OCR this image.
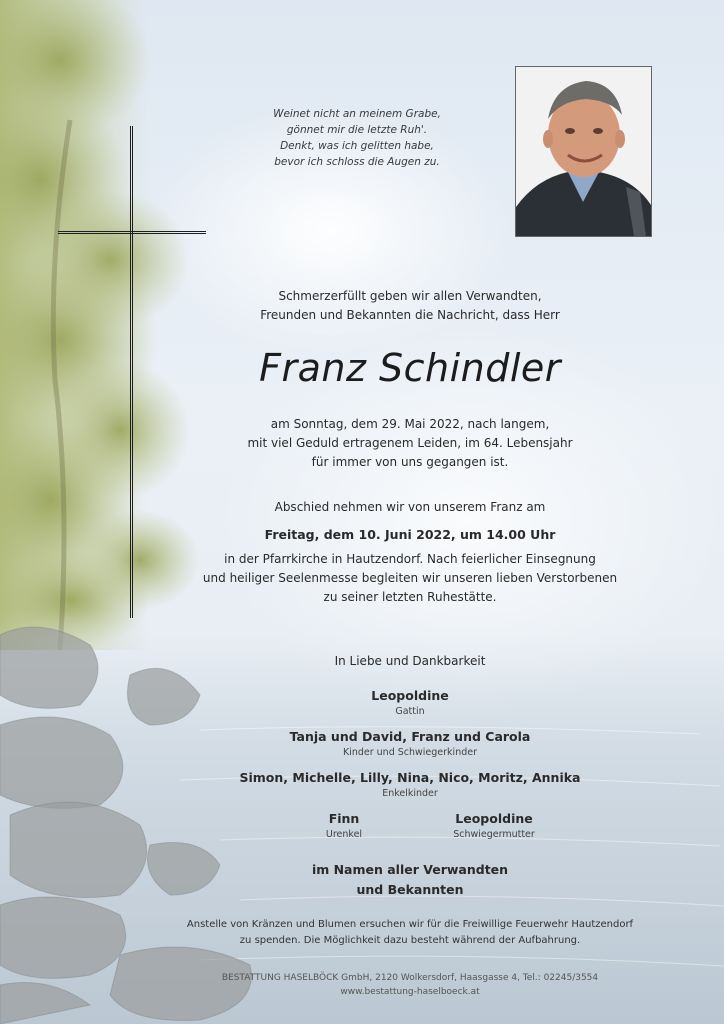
Weinet nicht an meinem Grabe,
gönnet mir die letzte Ruh'.
Denkt, was ich gelitten habe,
bevor ich schloss die Augen zu.
Schmerzerfüllt geben wir allen Verwandten,
Freunden und Bekannten die Nachricht, dass Herr
Franz Schindler
am Sonntag, dem 29. Mai 2022, nach langem,
mit viel Geduld ertragenem Leiden, im 64. Lebensjahr
für immer von uns gegangen ist.
Abschied nehmen wir von unserem Franz am
Freitag, dem 10. Juni 2022, um 14.00 Uhr
in der Pfarrkirche in Hautzendorf. Nach feierlicher Einsegnung
und heiliger Seelenmesse begleiten wir unseren lieben Verstorbenen
zu seiner letzten Ruhestätte.
In Liebe und Dankbarkeit
Leopoldine
Gattin
Tanja und David, Franz und Carola
Kinder und Schwiegerkinder
Simon, Michelle, Lilly, Nina, Nico, Moritz, Annika
Enkelkinder
Finn
Urenkel
Leopoldine
Schwiegermutter
im Namen aller Verwandten
und Bekannten
Anstelle von Kränzen und Blumen ersuchen wir für die Freiwillige Feuerwehr Hautzendorf
zu spenden. Die Möglichkeit dazu besteht während der Aufbahrung.
BESTATTUNG HASELBÖCK GmbH, 2120 Wolkersdorf, Haasgasse 4, Tel.: 02245/3554
www.bestattung-haselboeck.at
